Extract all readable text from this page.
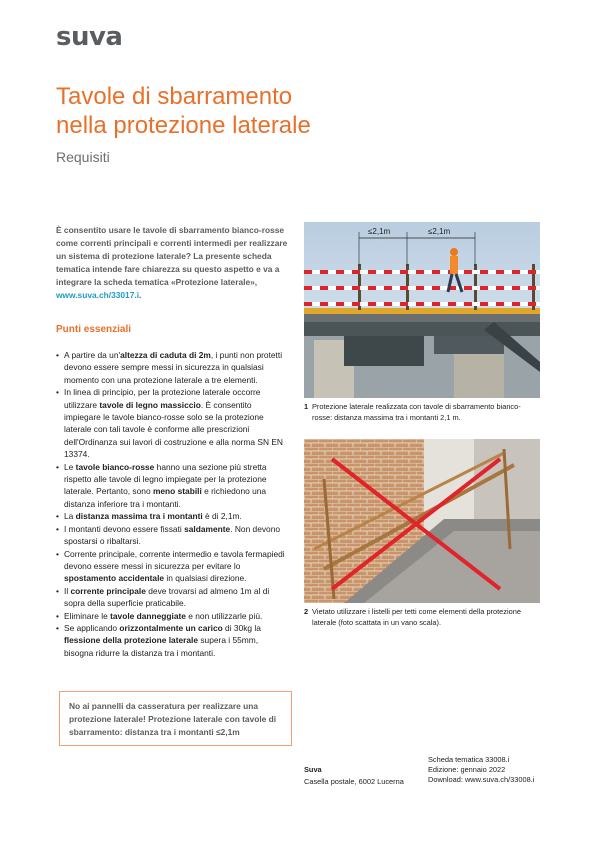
suva
Tavole di sbarramento
nella protezione laterale
Requisiti

È consentito usare le tavole di sbarramento bianco-rosse come correnti principali e correnti intermedi per realizzare un sistema di protezione laterale? La presente scheda tematica intende fare chiarezza su questo aspetto e va a integrare la scheda tematica «Protezione laterale», www.suva.ch/33017.i.

Punti essenziali
• A partire da un'altezza di caduta di 2m, i punti non protetti devono essere sempre messi in sicurezza in qualsiasi momento con una protezione laterale a tre elementi.
• In linea di principio, per la protezione laterale occorre utilizzare tavole di legno massiccio. È consentito impiegare le tavole bianco-rosse solo se la protezione laterale con tali tavole è conforme alle prescrizioni dell'Ordinanza sui lavori di costruzione e alla norma SN EN 13374.
• Le tavole bianco-rosse hanno una sezione più stretta rispetto alle tavole di legno impiegate per la protezione laterale. Pertanto, sono meno stabili e richiedono una distanza inferiore tra i montanti.
• La distanza massima tra i montanti è di 2,1m.
• I montanti devono essere fissati saldamente. Non devono spostarsi o ribaltarsi.
• Corrente principale, corrente intermedio e tavola fermapiedi devono essere messi in sicurezza per evitare lo spostamento accidentale in qualsiasi direzione.
• Il corrente principale deve trovarsi ad almeno 1m al di sopra della superficie praticabile.
• Eliminare le tavole danneggiate e non utilizzarle più.
• Se applicando orizzontalmente un carico di 30kg la flessione della protezione laterale supera i 55mm, bisogna ridurre la distanza tra i montanti.
No ai pannelli da casseratura per realizzare una protezione laterale! Protezione laterale con tavole di sbarramento: distanza tra i montanti ≤2,1m
≤2,1m	≤2,1m
1 Protezione laterale realizzata con tavole di sbarramento bianco-rosse: distanza massima tra i montanti 2,1 m.
2 Vietato utilizzare i listelli per tetti come elementi della protezione laterale (foto scattata in un vano scala).
Suva
Casella postale, 6002 Lucerna
Scheda tematica 33008.i
Edizione: gennaio 2022
Download: www.suva.ch/33008.i
